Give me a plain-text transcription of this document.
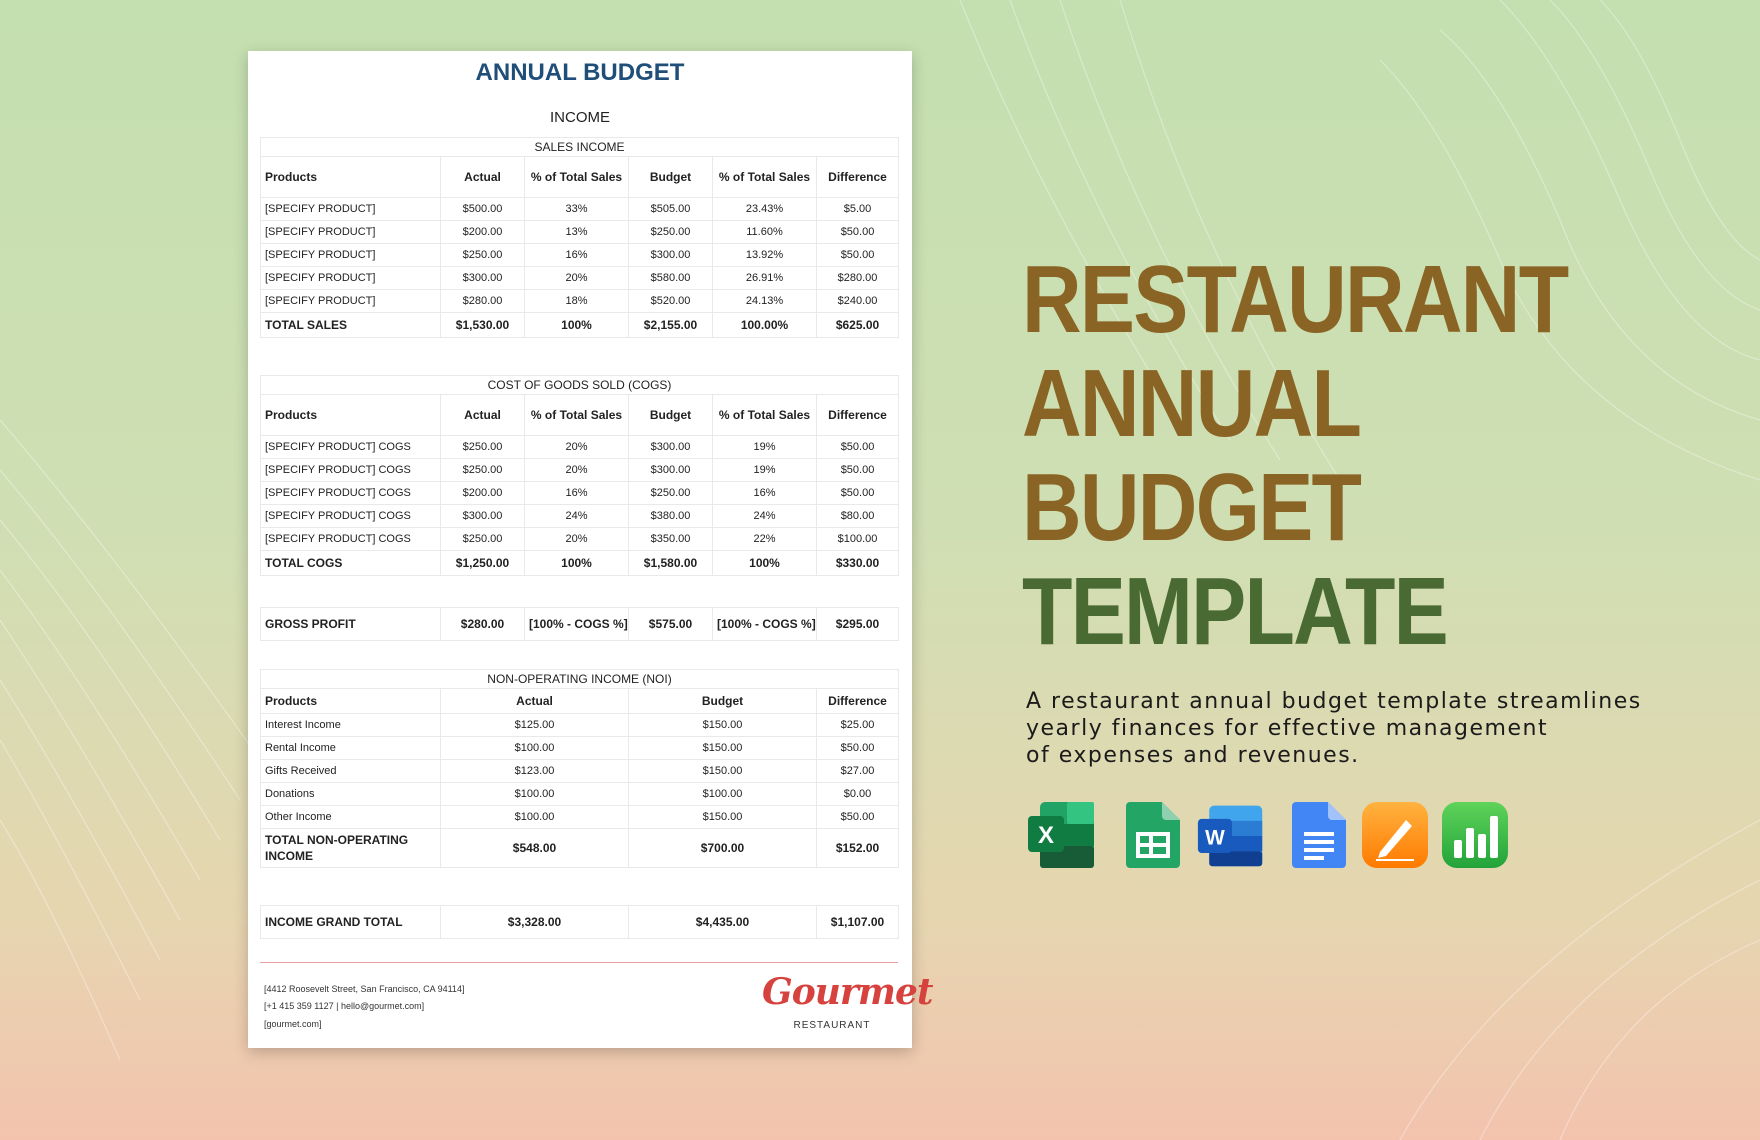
ANNUAL BUDGET
INCOME
SALES INCOME					
Products	Actual	% of Total Sales	Budget	% of Total Sales	Difference
[SPECIFY PRODUCT]	$500.00	33%	$505.00	23.43%	$5.00
[SPECIFY PRODUCT]	$200.00	13%	$250.00	11.60%	$50.00
[SPECIFY PRODUCT]	$250.00	16%	$300.00	13.92%	$50.00
[SPECIFY PRODUCT]	$300.00	20%	$580.00	26.91%	$280.00
[SPECIFY PRODUCT]	$280.00	18%	$520.00	24.13%	$240.00
TOTAL SALES	$1,530.00	100%	$2,155.00	100.00%	$625.00
COST OF GOODS SOLD (COGS)					
Products	Actual	% of Total Sales	Budget	% of Total Sales	Difference
[SPECIFY PRODUCT] COGS	$250.00	20%	$300.00	19%	$50.00
[SPECIFY PRODUCT] COGS	$250.00	20%	$300.00	19%	$50.00
[SPECIFY PRODUCT] COGS	$200.00	16%	$250.00	16%	$50.00
[SPECIFY PRODUCT] COGS	$300.00	24%	$380.00	24%	$80.00
[SPECIFY PRODUCT] COGS	$250.00	20%	$350.00	22%	$100.00
TOTAL COGS	$1,250.00	100%	$1,580.00	100%	$330.00
GROSS PROFIT	$280.00	[100% - COGS %]	$575.00	[100% - COGS %]	$295.00
NON-OPERATING INCOME (NOI)			
Products	Actual	Budget	Difference
Interest Income	$125.00	$150.00	$25.00
Rental Income	$100.00	$150.00	$50.00
Gifts Received	$123.00	$150.00	$27.00
Donations	$100.00	$100.00	$0.00
Other Income	$100.00	$150.00	$50.00
TOTAL NON-OPERATING INCOME	$548.00	$700.00	$152.00
INCOME GRAND TOTAL	$3,328.00	$4,435.00	$1,107.00
[4412 Roosevelt Street, San Francisco, CA 94114]
[+1 415 359 1127 | hello@gourmet.com]
[gourmet.com]
Gourmet
RESTAURANT
RESTAURANT
ANNUAL
BUDGET
TEMPLATE
A restaurant annual budget template streamlines
yearly finances for effective management
of expenses and revenues.
X	W
